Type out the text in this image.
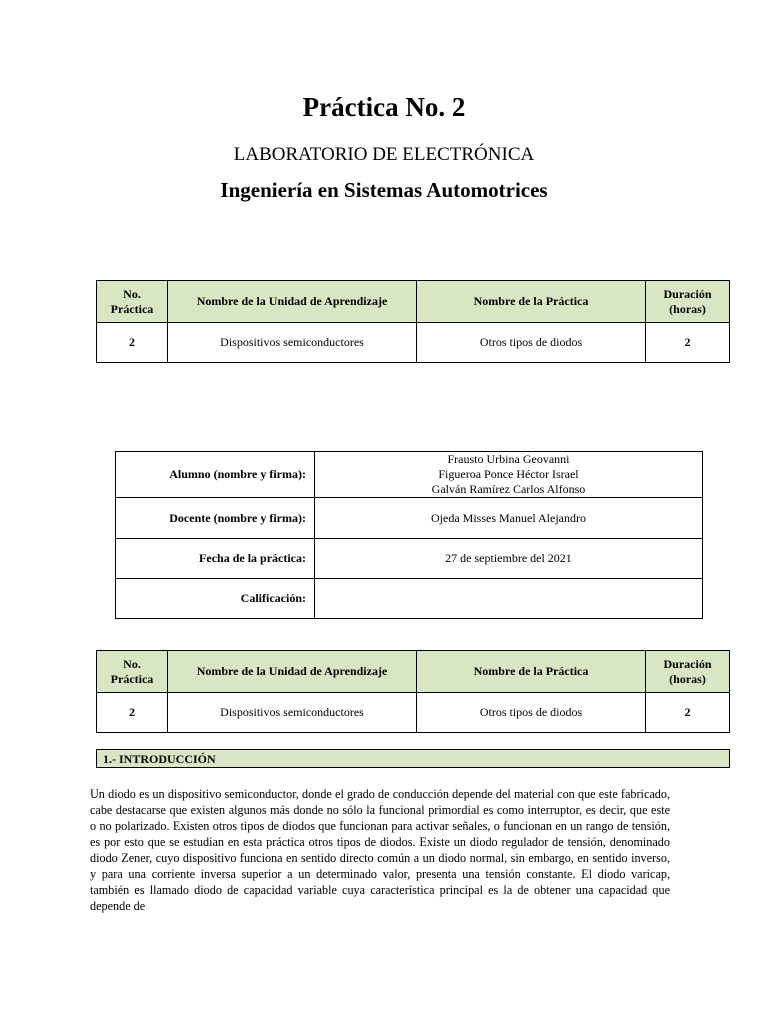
Práctica No. 2
LABORATORIO DE ELECTRÓNICA
Ingeniería en Sistemas Automotrices
No.
Práctica	Nombre de la Unidad de Aprendizaje	Nombre de la Práctica	Duración
(horas)
2	Dispositivos semiconductores	Otros tipos de diodos	2
Alumno (nombre y firma):	Frausto Urbina Geovanni
Figueroa Ponce Héctor Israel
Galván Ramírez Carlos Alfonso

Docente (nombre y firma):	Ojeda Misses Manuel Alejandro
Fecha de la práctica:	27 de septiembre del 2021
Calificación:	
No.
Práctica	Nombre de la Unidad de Aprendizaje	Nombre de la Práctica	Duración
(horas)
2	Dispositivos semiconductores	Otros tipos de diodos	2
1.- INTRODUCCIÓN

Un diodo es un dispositivo semiconductor, donde el grado de conducción depende del material con que este fabricado, cabe destacarse que existen algunos más donde no sólo la funcional primordial es como interruptor, es decir, que este o no polarizado. Existen otros tipos de diodos que funcionan para activar señales, o funcionan en un rango de tensión, es por esto que se estudian en esta práctica otros tipos de diodos. Existe un diodo regulador de tensión, denominado diodo Zener, cuyo dispositivo funciona en sentido directo común a un diodo normal, sin embargo, en sentido inverso, y para una corriente inversa superior a un determinado valor, presenta una tensión constante. El diodo varicap, también es llamado diodo de capacidad variable cuya característica principal es la de obtener una capacidad que depende de
